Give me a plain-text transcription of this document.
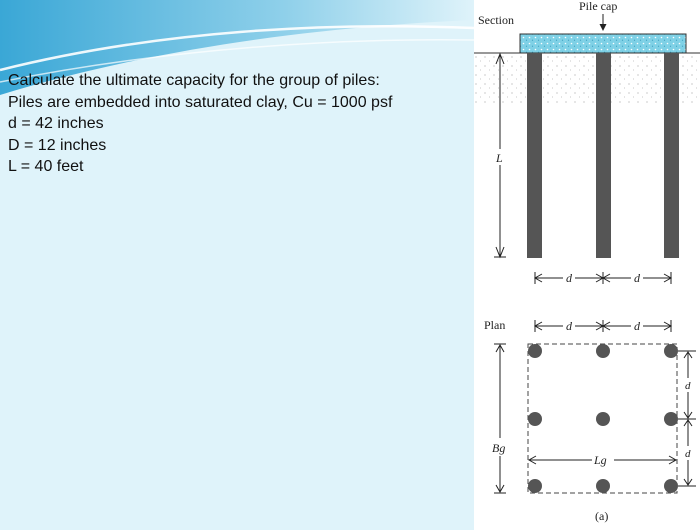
Calculate the ultimate capacity for the group of piles:
Piles are embedded into saturated clay, Cu = 1000 psf
d = 42 inches
D = 12 inches
L = 40 feet

Pile cap
Section
L
d	d
Plan	d	d
Bg
Lg
d
d
(a)
